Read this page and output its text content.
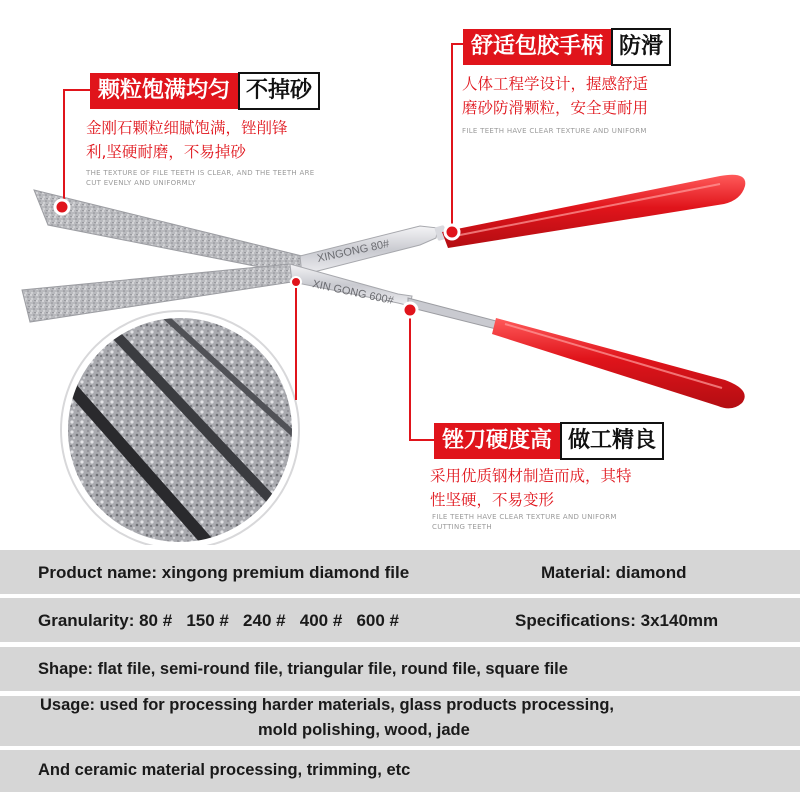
XINGONG 80#
XIN GONG 600#
颗粒饱满均匀 不掉砂
金刚石颗粒细腻饱满，锉削锋
利,坚硬耐磨，不易掉砂
THE TEXTURE OF FILE TEETH IS CLEAR, AND THE TEETH ARE
CUT EVENLY AND UNIFORMLY
舒适包胶手柄 防滑
人体工程学设计，握感舒适
磨砂防滑颗粒，安全更耐用
FILE TEETH HAVE CLEAR TEXTURE AND UNIFORM
锉刀硬度高 做工精良
采用优质钢材制造而成，其特
性坚硬，不易变形
FILE TEETH HAVE CLEAR TEXTURE AND UNIFORM
CUTTING TEETH
Product name: xingong premium diamond file	Material: diamond
Granularity: 80 #   150 #   240 #   400 #   600 #	Specifications: 3x140mm
Shape: flat file, semi-round file, triangular file, round file, square file
Usage: used for processing harder materials, glass products processing,
mold polishing, wood, jade
And ceramic material processing, trimming, etc
